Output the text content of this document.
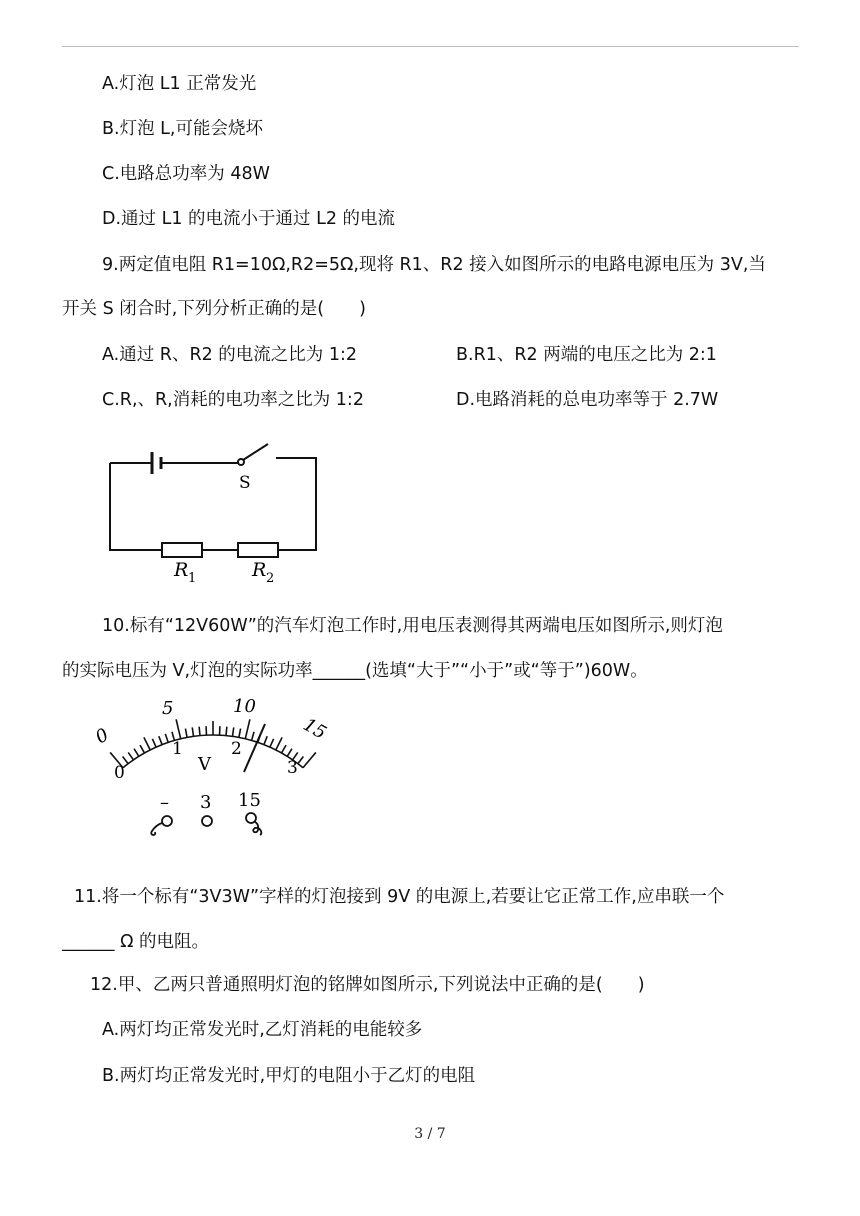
A.灯泡 L1 正常发光
B.灯泡 L,可能会烧坏
C.电路总功率为 48W
D.通过 L1 的电流小于通过 L2 的电流
9.两定值电阻 R1=10Ω,R2=5Ω,现将 R1、R2 接入如图所示的电路电源电压为 3V,当
开关 S 闭合时,下列分析正确的是(　　)
A.通过 R、R2 的电流之比为 1:2	B.R1、R2 两端的电压之比为 2:1
C.R,、R,消耗的电功率之比为 1:2	D.电路消耗的总电功率等于 2.7W
S
R 1	R 2
10.标有“12V60W”的汽车灯泡工作时,用电压表测得其两端电压如图所示,则灯泡
的实际电压为 V,灯泡的实际功率______(选填“大于”“小于”或“等于”)60W。
0
5	10
15
0
1	2
3
V
– 3 15
11.将一个标有“3V3W”字样的灯泡接到 9V 的电源上,若要让它正常工作,应串联一个
______ Ω 的电阻。
12.甲、乙两只普通照明灯泡的铭牌如图所示,下列说法中正确的是(　　)
A.两灯均正常发光时,乙灯消耗的电能较多
B.两灯均正常发光时,甲灯的电阻小于乙灯的电阻
3 / 7
